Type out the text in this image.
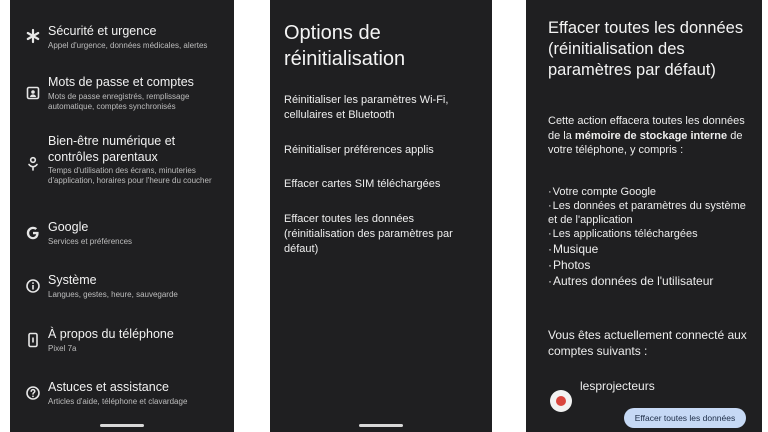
Sécurité et urgence
Appel d'urgence, données médicales, alertes
Mots de passe et comptes
Mots de passe enregistrés, remplissage automatique, comptes synchronisés
Bien-être numérique et contrôles parentaux
Temps d'utilisation des écrans, minuteries d'application, horaires pour l'heure du coucher
Google
Services et préférences
Système
Langues, gestes, heure, sauvegarde
À propos du téléphone
Pixel 7a
Astuces et assistance
Articles d'aide, téléphone et clavardage
Options de réinitialisation
Réinitialiser les paramètres Wi-Fi, cellulaires et Bluetooth
Réinitialiser préférences applis
Effacer cartes SIM téléchargées
Effacer toutes les données (réinitialisation des paramètres par défaut)
Effacer toutes les données (réinitialisation des paramètres par défaut)

Cette action effacera toutes les données de la mémoire de stockage interne de votre téléphone, y compris :

· Votre compte Google
· Les données et paramètres du système et de l'application
· Les applications téléchargées
· Musique
· Photos
· Autres données de l'utilisateur

Vous êtes actuellement connecté aux comptes suivants :

lesprojecteurs
Effacer toutes les données
